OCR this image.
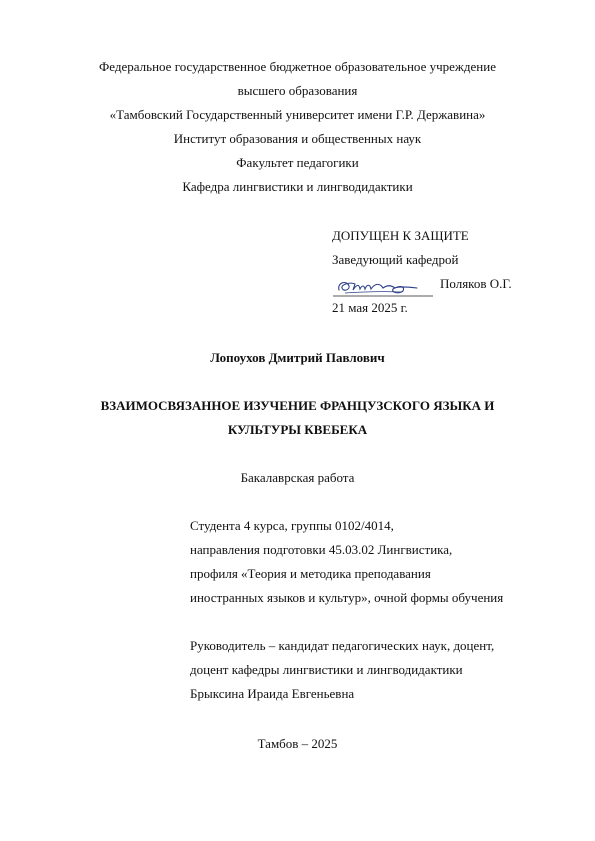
Федеральное государственное бюджетное образовательное учреждение
высшего образования
«Тамбовский Государственный университет имени Г.Р. Державина»
Институт образования и общественных наук
Факультет педагогики
Кафедра лингвистики и лингводидактики
ДОПУЩЕН К ЗАЩИТЕ
Заведующий кафедрой
Поляков О.Г.
21 мая 2025 г.
Лопоухов Дмитрий Павлович
ВЗАИМОСВЯЗАННОЕ ИЗУЧЕНИЕ ФРАНЦУЗСКОГО ЯЗЫКА И
КУЛЬТУРЫ КВЕБЕКА
Бакалаврская работа
Студента 4 курса, группы 0102/4014,
направления подготовки 45.03.02 Лингвистика,
профиля «Теория и методика преподавания
иностранных языков и культур», очной формы обучения
Руководитель – кандидат педагогических наук, доцент,
доцент кафедры лингвистики и лингводидактики
Брыксина Ираида Евгеньевна
Тамбов – 2025
